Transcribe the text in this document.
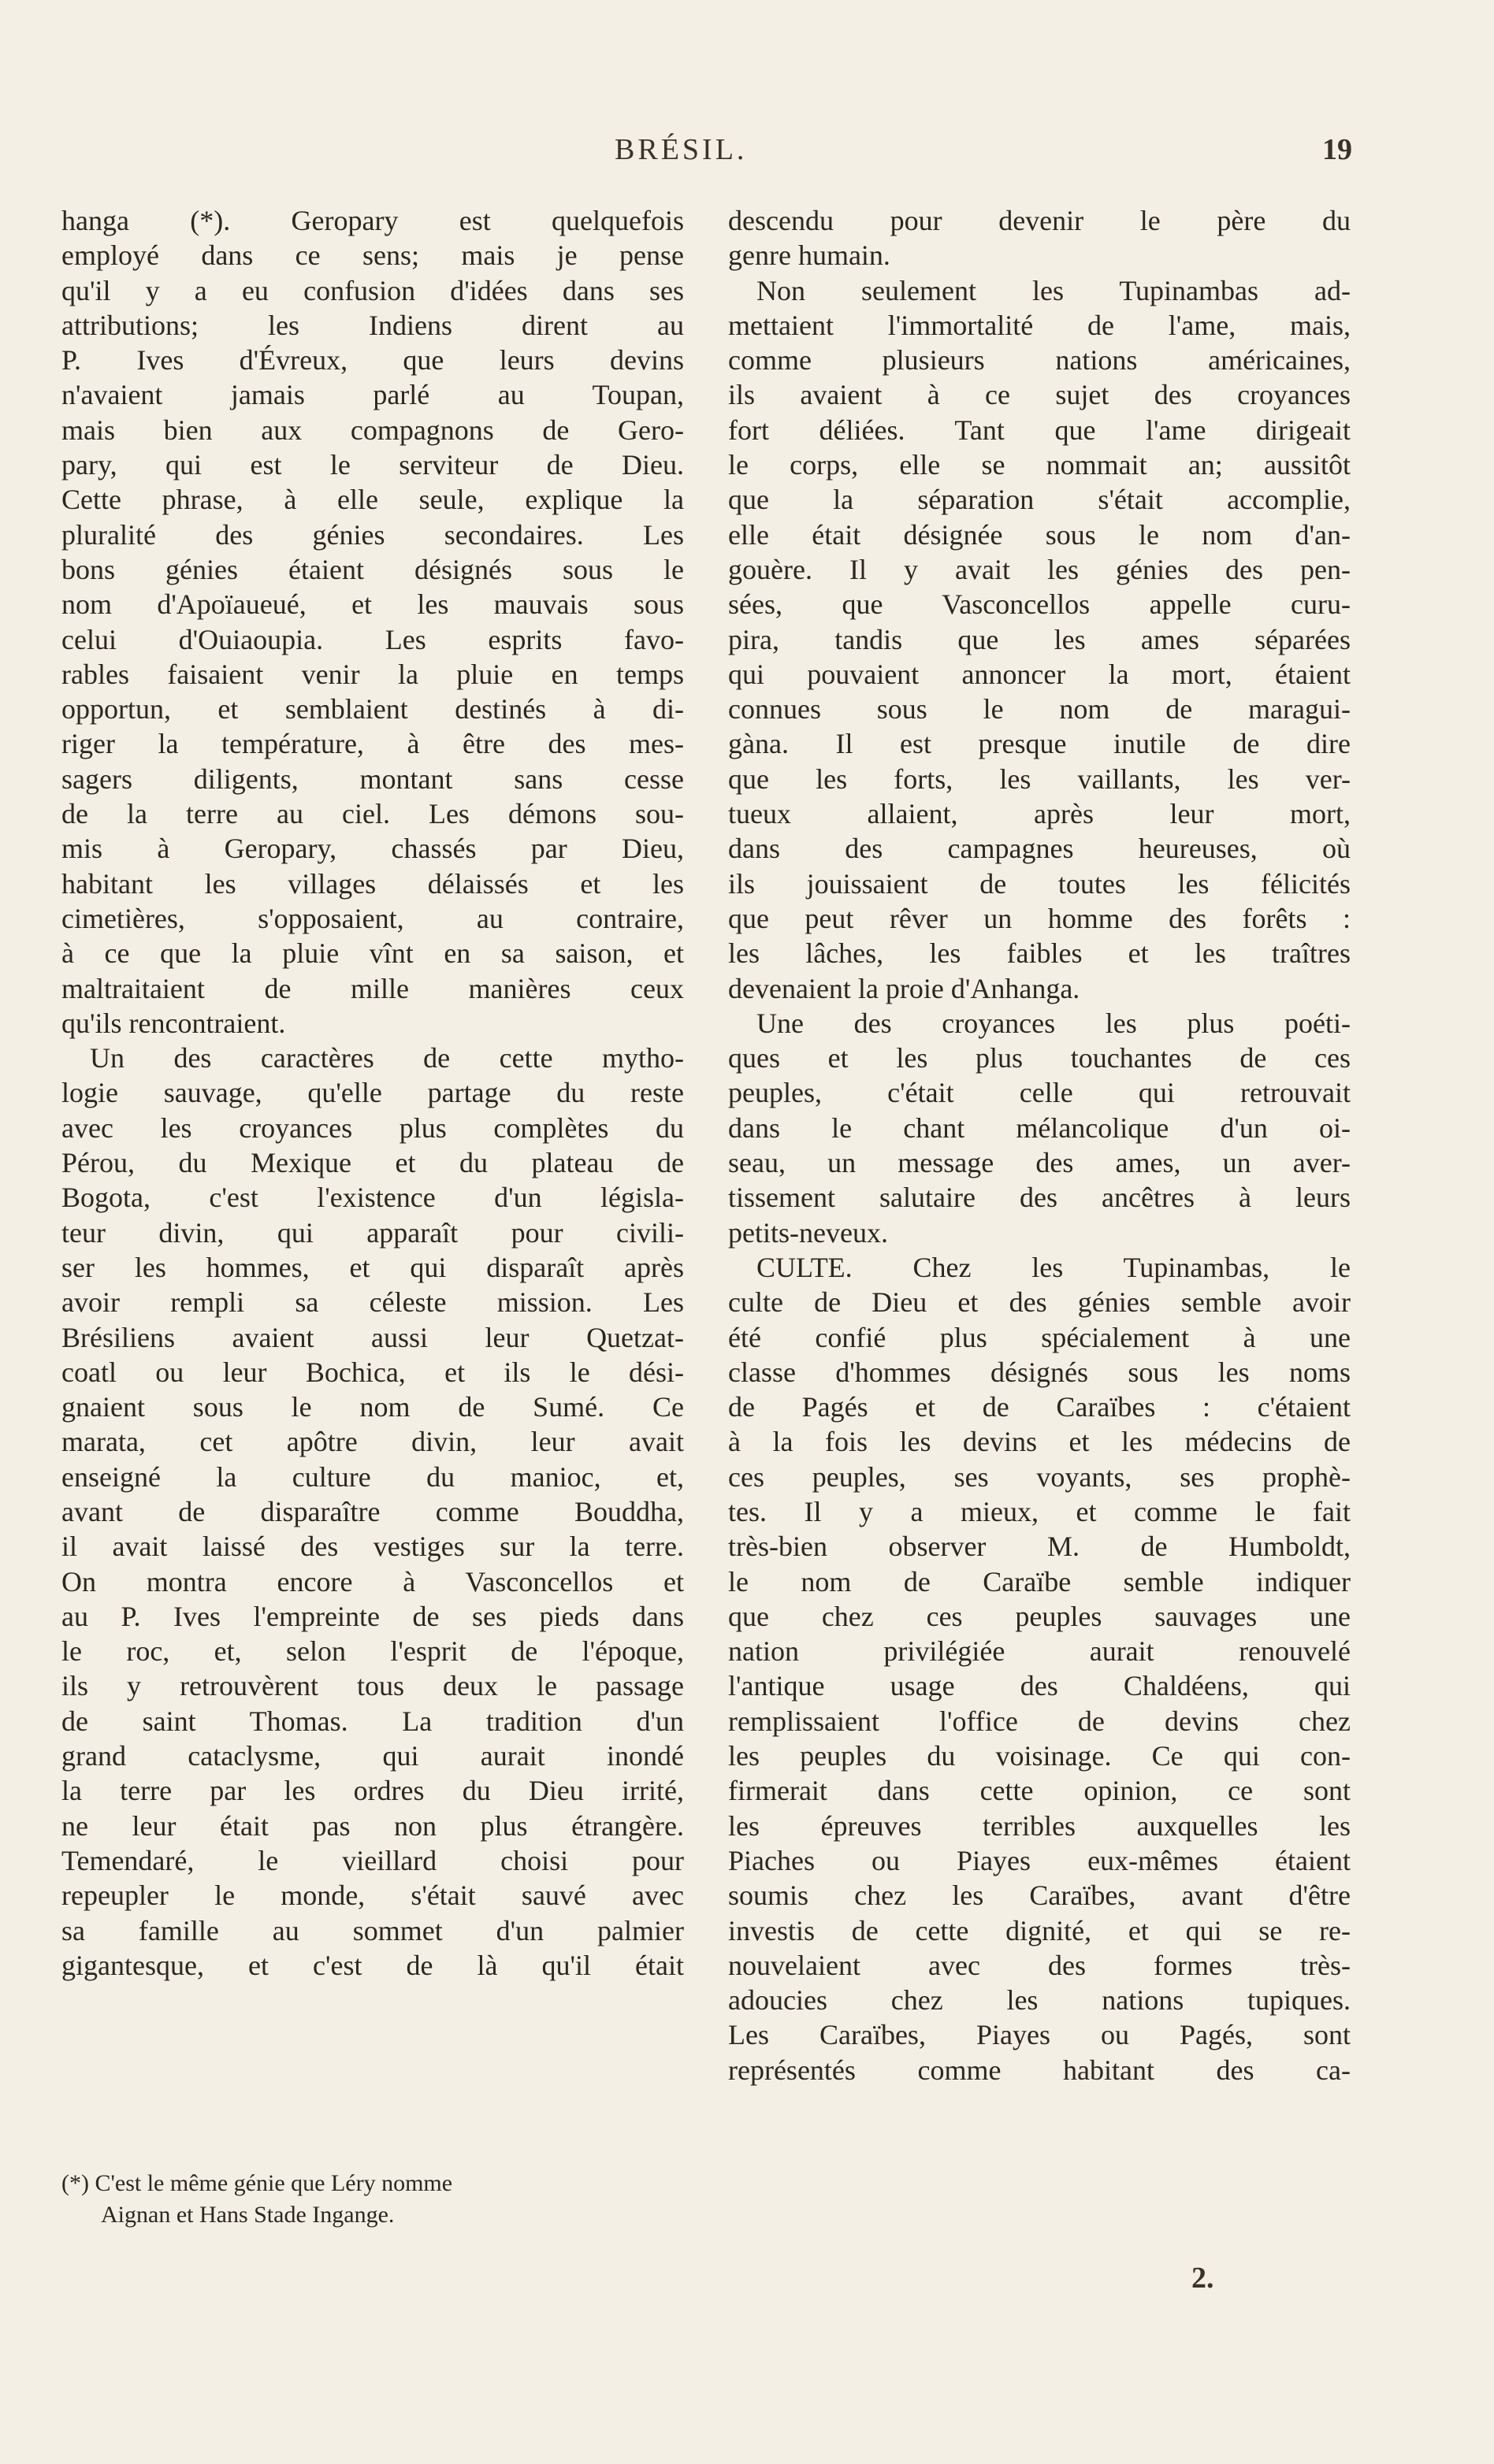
BRÉSIL.	19
hanga (*). Geropary est quelquefois
employé dans ce sens; mais je pense
qu'il y a eu confusion d'idées dans ses
attributions; les Indiens dirent au
P. Ives d'Évreux, que leurs devins
n'avaient jamais parlé au Toupan,
mais bien aux compagnons de Gero-
pary, qui est le serviteur de Dieu.
Cette phrase, à elle seule, explique la
pluralité des génies secondaires. Les
bons génies étaient désignés sous le
nom d'Apoïaueué, et les mauvais sous
celui d'Ouiaoupia. Les esprits favo-
rables faisaient venir la pluie en temps
opportun, et semblaient destinés à di-
riger la température, à être des mes-
sagers diligents, montant sans cesse
de la terre au ciel. Les démons sou-
mis à Geropary, chassés par Dieu,
habitant les villages délaissés et les
cimetières, s'opposaient, au contraire,
à ce que la pluie vînt en sa saison, et
maltraitaient de mille manières ceux
qu'ils rencontraient.
Un des caractères de cette mytho-
logie sauvage, qu'elle partage du reste
avec les croyances plus complètes du
Pérou, du Mexique et du plateau de
Bogota, c'est l'existence d'un législa-
teur divin, qui apparaît pour civili-
ser les hommes, et qui disparaît après
avoir rempli sa céleste mission. Les
Brésiliens avaient aussi leur Quetzat-
coatl ou leur Bochica, et ils le dési-
gnaient sous le nom de Sumé. Ce
marata, cet apôtre divin, leur avait
enseigné la culture du manioc, et,
avant de disparaître comme Bouddha,
il avait laissé des vestiges sur la terre.
On montra encore à Vasconcellos et
au P. Ives l'empreinte de ses pieds dans
le roc, et, selon l'esprit de l'époque,
ils y retrouvèrent tous deux le passage
de saint Thomas. La tradition d'un
grand cataclysme, qui aurait inondé
la terre par les ordres du Dieu irrité,
ne leur était pas non plus étrangère.
Temendaré, le vieillard choisi pour
repeupler le monde, s'était sauvé avec
sa famille au sommet d'un palmier
gigantesque, et c'est de là qu'il était
descendu pour devenir le père du
genre humain.
Non seulement les Tupinambas ad-
mettaient l'immortalité de l'ame, mais,
comme plusieurs nations américaines,
ils avaient à ce sujet des croyances
fort déliées. Tant que l'ame dirigeait
le corps, elle se nommait an; aussitôt
que la séparation s'était accomplie,
elle était désignée sous le nom d'an-
gouère. Il y avait les génies des pen-
sées, que Vasconcellos appelle curu-
pira, tandis que les ames séparées
qui pouvaient annoncer la mort, étaient
connues sous le nom de maragui-
gàna. Il est presque inutile de dire
que les forts, les vaillants, les ver-
tueux allaient, après leur mort,
dans des campagnes heureuses, où
ils jouissaient de toutes les félicités
que peut rêver un homme des forêts :
les lâches, les faibles et les traîtres
devenaient la proie d'Anhanga.
Une des croyances les plus poéti-
ques et les plus touchantes de ces
peuples, c'était celle qui retrouvait
dans le chant mélancolique d'un oi-
seau, un message des ames, un aver-
tissement salutaire des ancêtres à leurs
petits-neveux.
CULTE. Chez les Tupinambas, le
culte de Dieu et des génies semble avoir
été confié plus spécialement à une
classe d'hommes désignés sous les noms
de Pagés et de Caraïbes : c'étaient
à la fois les devins et les médecins de
ces peuples, ses voyants, ses prophè-
tes. Il y a mieux, et comme le fait
très-bien observer M. de Humboldt,
le nom de Caraïbe semble indiquer
que chez ces peuples sauvages une
nation privilégiée aurait renouvelé
l'antique usage des Chaldéens, qui
remplissaient l'office de devins chez
les peuples du voisinage. Ce qui con-
firmerait dans cette opinion, ce sont
les épreuves terribles auxquelles les
Piaches ou Piayes eux-mêmes étaient
soumis chez les Caraïbes, avant d'être
investis de cette dignité, et qui se re-
nouvelaient avec des formes très-
adoucies chez les nations tupiques.
Les Caraïbes, Piayes ou Pagés, sont
représentés comme habitant des ca-
(*) C'est le même génie que Léry nomme
Aignan et Hans Stade Ingange.
2.
